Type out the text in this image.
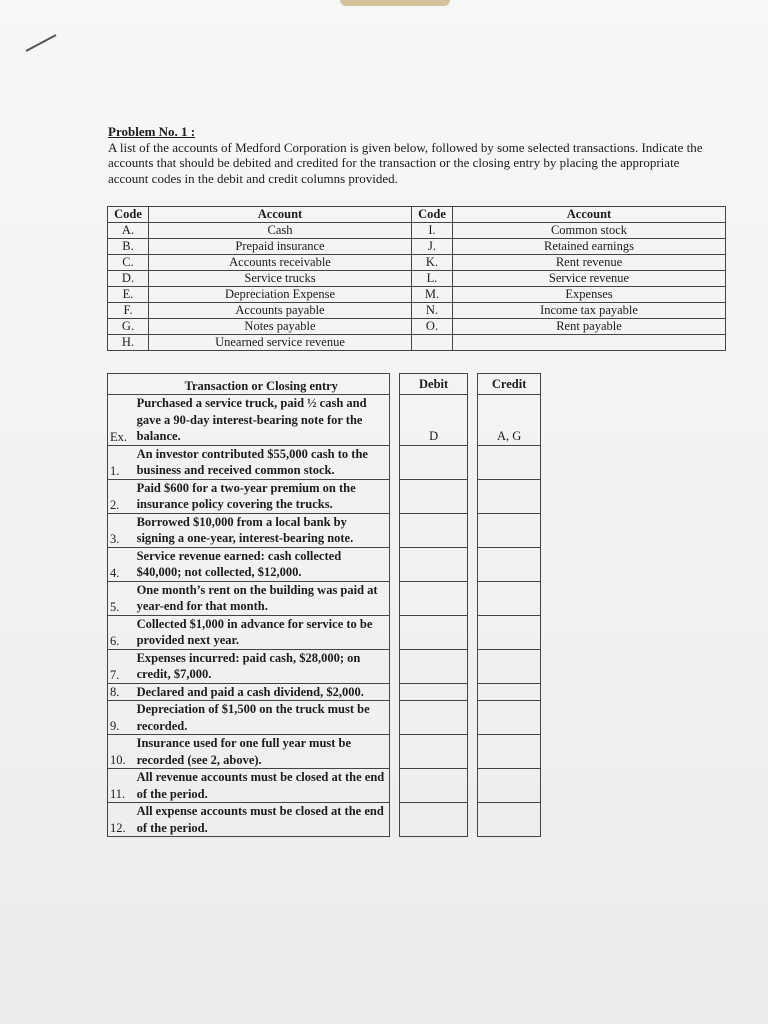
Problem No. 1 :
A list of the accounts of Medford Corporation is given below, followed by some selected transactions. Indicate the accounts that should be debited and credited for the transaction or the closing entry by placing the appropriate account codes in the debit and credit columns provided.
Code	Account	Code	Account
A.	Cash	I.	Common stock
B.	Prepaid insurance	J.	Retained earnings
C.	Accounts receivable	K.	Rent revenue
D.	Service trucks	L.	Service revenue
E.	Depreciation Expense	M.	Expenses
F.	Accounts payable	N.	Income tax payable
G.	Notes payable	O.	Rent payable
H.	Unearned service revenue		
	Transaction or Closing entry		Debit		Credit
Ex.	Purchased a service truck, paid ½ cash and gave a 90-day interest-bearing note for the balance.		D		A, G
1.	An investor contributed $55,000 cash to the business and received common stock.				
2.	Paid $600 for a two-year premium on the insurance policy covering the trucks.				
3.	Borrowed $10,000 from a local bank by signing a one-year, interest-bearing note.				
4.	Service revenue earned: cash collected $40,000; not collected, $12,000.				
5.	One month’s rent on the building was paid at year-end for that month.				
6.	Collected $1,000 in advance for service to be provided next year.				
7.	Expenses incurred: paid cash, $28,000; on credit, $7,000.				
8.	Declared and paid a cash dividend, $2,000.				
9.	Depreciation of $1,500 on the truck must be recorded.				
10.	Insurance used for one full year must be recorded (see 2, above).				
11.	All revenue accounts must be closed at the end of the period.				
12.	All expense accounts must be closed at the end of the period.				
